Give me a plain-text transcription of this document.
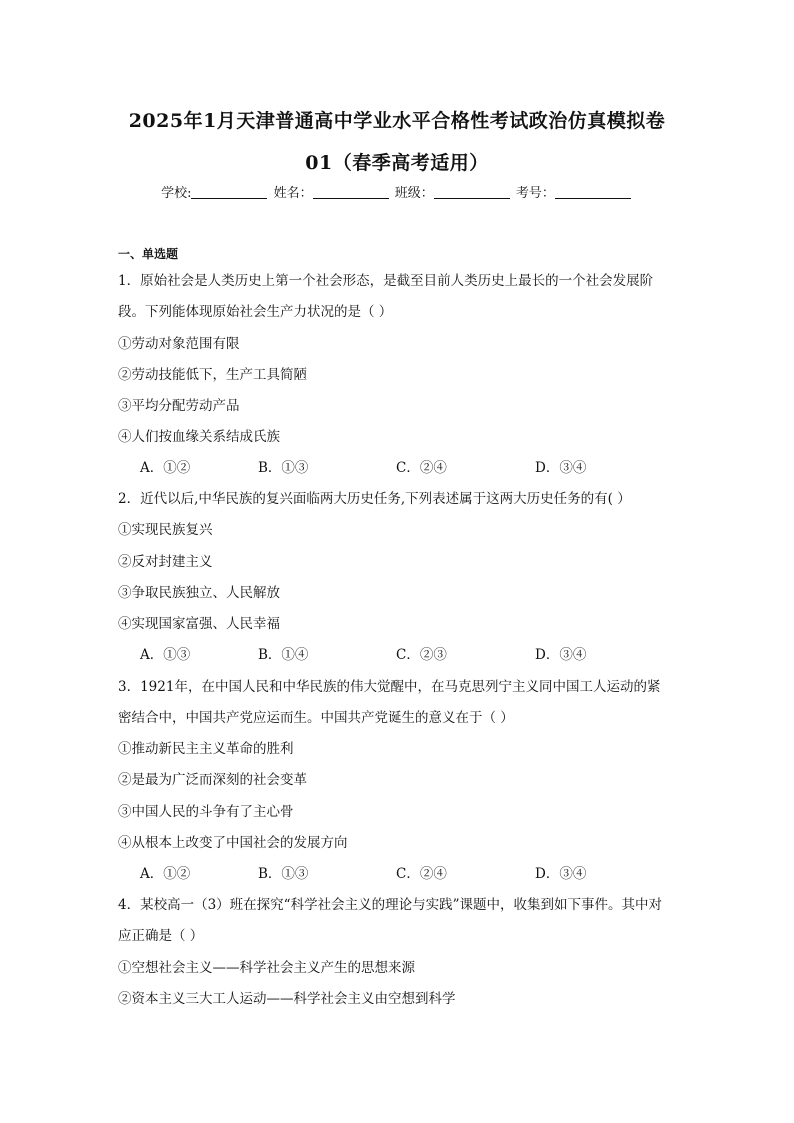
2025年1月天津普通高中学业水平合格性考试政治仿真模拟卷
01（春季高考适用）
学校:	姓名：	班级：	考号：
一、单选题
1．原始社会是人类历史上第一个社会形态，是截至目前人类历史上最长的一个社会发展阶
段。下列能体现原始社会生产力状况的是（ ）
①劳动对象范围有限
②劳动技能低下，生产工具简陋
③平均分配劳动产品
④人们按血缘关系结成氏族
A．①②	B．①③	C．②④	D．③④
2．近代以后,中华民族的复兴面临两大历史任务,下列表述属于这两大历史任务的有( ）
①实现民族复兴
②反对封建主义
③争取民族独立、人民解放
④实现国家富强、人民幸福
A．①③	B．①④	C．②③	D．③④
3．1921年，在中国人民和中华民族的伟大觉醒中，在马克思列宁主义同中国工人运动的紧
密结合中，中国共产党应运而生。中国共产党诞生的意义在于（ ）
①推动新民主主义革命的胜利
②是最为广泛而深刻的社会变革
③中国人民的斗争有了主心骨
④从根本上改变了中国社会的发展方向
A．①②	B．①③	C．②④	D．③④
4．某校高一（3）班在探究“科学社会主义的理论与实践”课题中，收集到如下事件。其中对
应正确是（ ）
①空想社会主义——科学社会主义产生的思想来源
②资本主义三大工人运动——科学社会主义由空想到科学
